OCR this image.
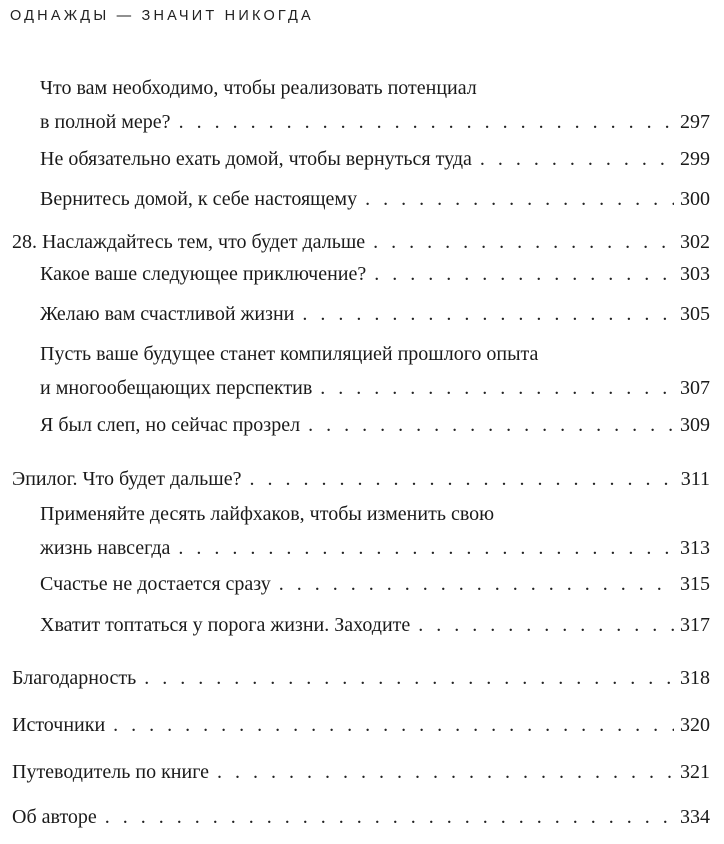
ОДНАЖДЫ — ЗНАЧИТ НИКОГДА
Что вам необходимо, чтобы реализовать потенциал
в полной мере? . . .	297
Не обязательно ехать домой, чтобы вернуться туда . . .	299
Вернитесь домой, к себе настоящему . . .	300
28. Наслаждайтесь тем, что будет дальше . . .	302
Какое ваше следующее приключение? . . .	303
Желаю вам счастливой жизни . . .	305
Пусть ваше будущее станет компиляцией прошлого опыта
и многообещающих перспектив . . .	307
Я был слеп, но сейчас прозрел . . .	309
Эпилог. Что будет дальше? . . .	311
Применяйте десять лайфхаков, чтобы изменить свою
жизнь навсегда . . .	313
Счастье не достается сразу . . .	315
Хватит топтаться у порога жизни. Заходите . . .	317
Благодарность . . .	318
Источники . . .	320
Путеводитель по книге . . .	321
Об авторе . . .	334
